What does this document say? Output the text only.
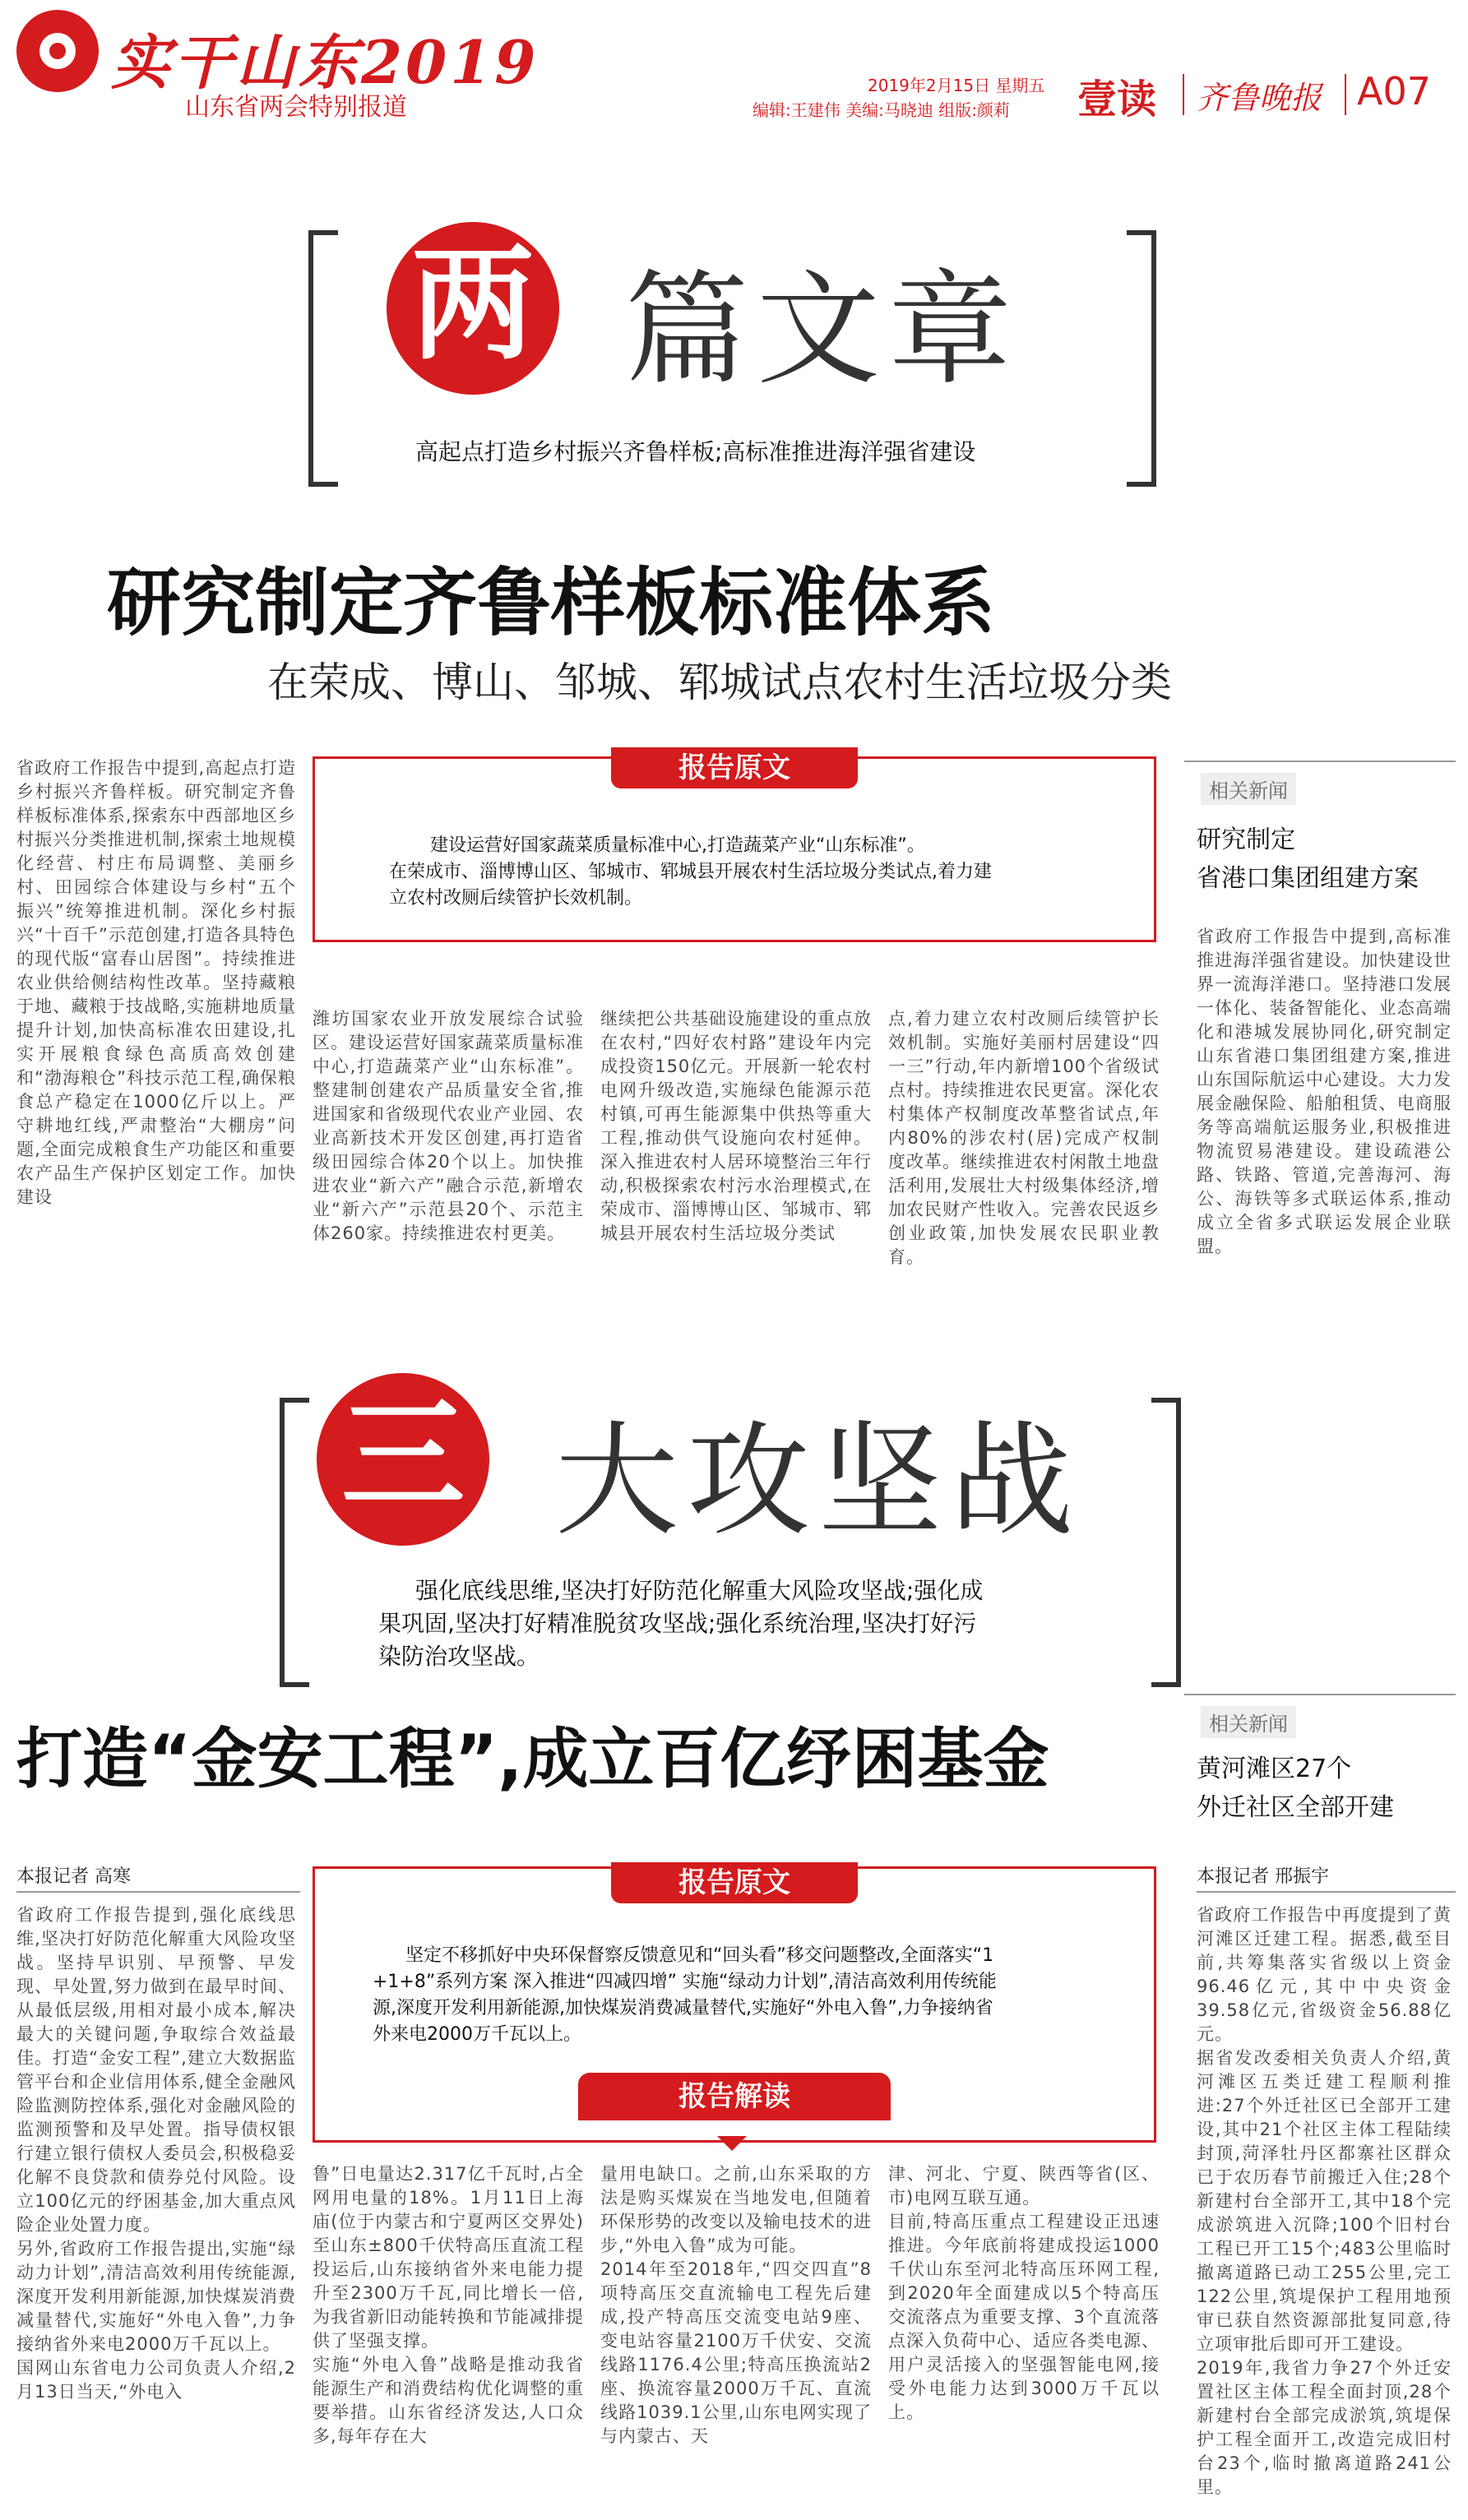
实干山东2019
山东省两会特别报道
2019年2月15日 星期五
编辑:王建伟 美编:马晓迪 组版:颜莉 壹读 齐鲁晚报 A07
两 篇文章
高起点打造乡村振兴齐鲁样板;高标准推进海洋强省建设
研究制定齐鲁样板标准体系
在荣成、博山、邹城、郓城试点农村生活垃圾分类
报告原文
建设运营好国家蔬菜质量标准中心,打造蔬菜产业“山东标准”。
在荣成市、淄博博山区、邹城市、郓城县开展农村生活垃圾分类试点,着力建
立农村改厕后续管护长效机制。
省政府工作报告中提到,高起点打造乡村振兴齐鲁样板。研究制定齐鲁样板标准体系,探索东中西部地区乡村振兴分类推进机制,探索土地规模化经营、村庄布局调整、美丽乡村、田园综合体建设与乡村“五个振兴”统筹推进机制。深化乡村振兴“十百千”示范创建,打造各具特色的现代版“富春山居图”。持续推进农业供给侧结构性改革。坚持藏粮于地、藏粮于技战略,实施耕地质量提升计划,加快高标准农田建设,扎实开展粮食绿色高质高效创建和“渤海粮仓”科技示范工程,确保粮食总产稳定在1000亿斤以上。严守耕地红线,严肃整治“大棚房”问题,全面完成粮食生产功能区和重要农产品生产保护区划定工作。加快建设
潍坊国家农业开放发展综合试验区。建设运营好国家蔬菜质量标准中心,打造蔬菜产业“山东标准”。整建制创建农产品质量安全省,推进国家和省级现代农业产业园、农业高新技术开发区创建,再打造省级田园综合体20个以上。加快推进农业“新六产”融合示范,新增农业“新六产”示范县20个、示范主体260家。持续推进农村更美。
继续把公共基础设施建设的重点放在农村,“四好农村路”建设年内完成投资150亿元。开展新一轮农村电网升级改造,实施绿色能源示范村镇,可再生能源集中供热等重大工程,推动供气设施向农村延伸。深入推进农村人居环境整治三年行动,积极探索农村污水治理模式,在荣成市、淄博博山区、邹城市、郓城县开展农村生活垃圾分类试
点,着力建立农村改厕后续管护长效机制。实施好美丽村居建设“四一三”行动,年内新增100个省级试点村。持续推进农民更富。深化农村集体产权制度改革整省试点,年内80%的涉农村(居)完成产权制度改革。继续推进农村闲散土地盘活利用,发展壮大村级集体经济,增加农民财产性收入。完善农民返乡创业政策,加快发展农民职业教育。
相关新闻
研究制定
省港口集团组建方案
省政府工作报告中提到,高标准推进海洋强省建设。加快建设世界一流海洋港口。坚持港口发展一体化、装备智能化、业态高端化和港城发展协同化,研究制定山东省港口集团组建方案,推进山东国际航运中心建设。大力发展金融保险、船舶租赁、电商服务等高端航运服务业,积极推进物流贸易港建设。建设疏港公路、铁路、管道,完善海河、海公、海铁等多式联运体系,推动成立全省多式联运发展企业联盟。
三 大攻坚战
强化底线思维,坚决打好防范化解重大风险攻坚战;强化成
果巩固,坚决打好精准脱贫攻坚战;强化系统治理,坚决打好污
染防治攻坚战。
打造“金安工程”,成立百亿纾困基金
本报记者 高寒	报告原文
坚定不移抓好中央环保督察反馈意见和“回头看”移交问题整改,全面落实“1
+1+8”系列方案 深入推进“四减四增” 实施“绿动力计划”,清洁高效利用传统能
源,深度开发利用新能源,加快煤炭消费减量替代,实施好“外电入鲁”,力争接纳省
外来电2000万千瓦以上。
报告解读
省政府工作报告提到,强化底线思维,坚决打好防范化解重大风险攻坚战。坚持早识别、早预警、早发现、早处置,努力做到在最早时间、从最低层级,用相对最小成本,解决最大的关键问题,争取综合效益最佳。打造“金安工程”,建立大数据监管平台和企业信用体系,健全金融风险监测防控体系,强化对金融风险的监测预警和及早处置。指导债权银行建立银行债权人委员会,积极稳妥化解不良贷款和债券兑付风险。设立100亿元的纾困基金,加大重点风险企业处置力度。
另外,省政府工作报告提出,实施“绿动力计划”,清洁高效利用传统能源,深度开发利用新能源,加快煤炭消费减量替代,实施好“外电入鲁”,力争接纳省外来电2000万千瓦以上。
国网山东省电力公司负责人介绍,2月13日当天,“外电入
鲁”日电量达2.317亿千瓦时,占全网用电量的18%。1月11日上海庙(位于内蒙古和宁夏两区交界处)至山东±800千伏特高压直流工程投运后,山东接纳省外来电能力提升至2300万千瓦,同比增长一倍,为我省新旧动能转换和节能减排提供了坚强支撑。
实施“外电入鲁”战略是推动我省能源生产和消费结构优化调整的重要举措。山东省经济发达,人口众多,每年存在大
量用电缺口。之前,山东采取的方法是购买煤炭在当地发电,但随着环保形势的改变以及输电技术的进步,“外电入鲁”成为可能。
2014年至2018年,“四交四直”8项特高压交直流输电工程先后建成,投产特高压交流变电站9座、变电站容量2100万千伏安、交流线路1176.4公里;特高压换流站2座、换流容量2000万千瓦、直流线路1039.1公里,山东电网实现了与内蒙古、天
津、河北、宁夏、陕西等省(区、市)电网互联互通。
目前,特高压重点工程建设正迅速推进。今年底前将建成投运1000千伏山东至河北特高压环网工程,到2020年全面建成以5个特高压交流落点为重要支撑、3个直流落点深入负荷中心、适应各类电源、用户灵活接入的坚强智能电网,接受外电能力达到3000万千瓦以上。
相关新闻
黄河滩区27个
外迁社区全部开建
本报记者 邢振宇
省政府工作报告中再度提到了黄河滩区迁建工程。据悉,截至目前,共筹集落实省级以上资金96.46亿元,其中中央资金39.58亿元,省级资金56.88亿元。
据省发改委相关负责人介绍,黄河滩区五类迁建工程顺利推进:27个外迁社区已全部开工建设,其中21个社区主体工程陆续封顶,菏泽牡丹区都寨社区群众已于农历春节前搬迁入住;28个新建村台全部开工,其中18个完成淤筑进入沉降;100个旧村台工程已开工15个;483公里临时撤离道路已动工255公里,完工122公里,筑堤保护工程用地预审已获自然资源部批复同意,待立项审批后即可开工建设。
2019年,我省力争27个外迁安置社区主体工程全面封顶,28个新建村台全部完成淤筑,筑堤保护工程全面开工,改造完成旧村台23个,临时撤离道路241公里。
